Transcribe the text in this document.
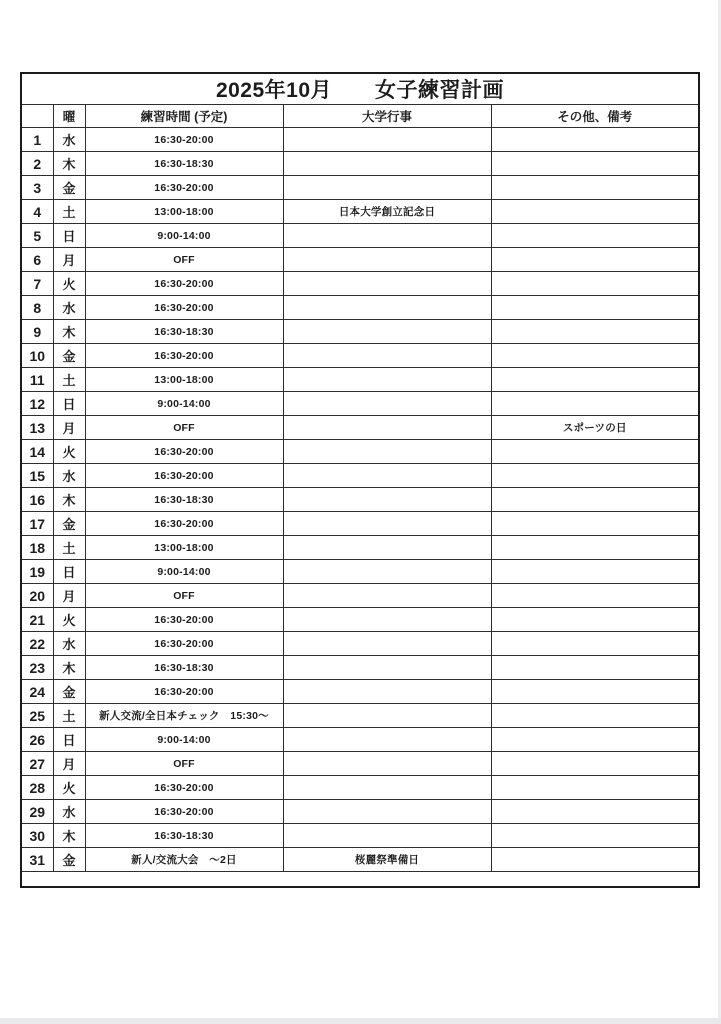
2025年10月　　女子練習計画				
	曜	練習時間 (予定)	大学行事	その他、備考
1	水	16:30-20:00		
2	木	16:30-18:30		
3	金	16:30-20:00		
4	土	13:00-18:00	日本大学創立記念日	
5	日	9:00-14:00		
6	月	OFF		
7	火	16:30-20:00		
8	水	16:30-20:00		
9	木	16:30-18:30		
10	金	16:30-20:00		
11	土	13:00-18:00		
12	日	9:00-14:00		
13	月	OFF		スポーツの日
14	火	16:30-20:00		
15	水	16:30-20:00		
16	木	16:30-18:30		
17	金	16:30-20:00		
18	土	13:00-18:00		
19	日	9:00-14:00		
20	月	OFF		
21	火	16:30-20:00		
22	水	16:30-20:00		
23	木	16:30-18:30		
24	金	16:30-20:00		
25	土	新人交流/全日本チェック　15:30～		
26	日	9:00-14:00		
27	月	OFF		
28	火	16:30-20:00		
29	水	16:30-20:00		
30	木	16:30-18:30		
31	金	新人/交流大会　～2日	桜麗祭準備日	
